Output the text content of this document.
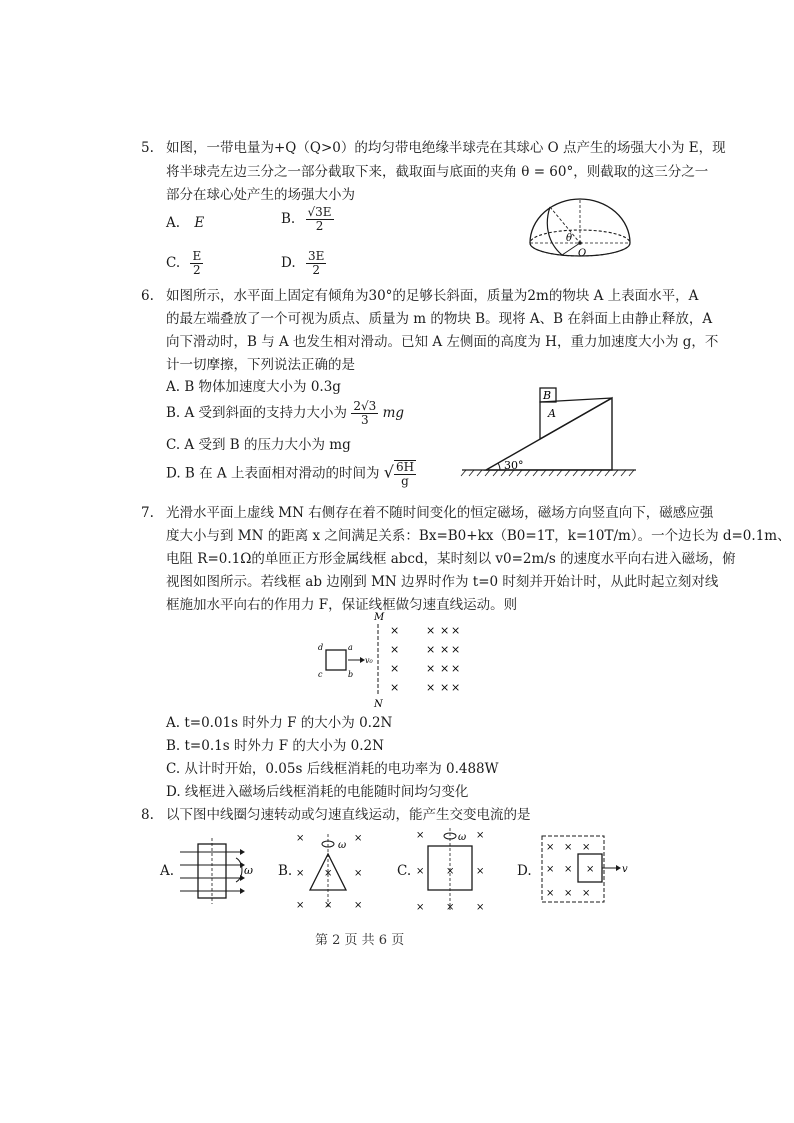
5. 如图，一带电量为+Q（Q>0）的均匀带电绝缘半球壳在其球心 O 点产生的场强大小为 E，现
将半球壳左边三分之一部分截取下来，截取面与底面的夹角 θ = 60°，则截取的这三分之一
部分在球心处产生的场强大小为
A. E	B. $\frac{√3E}{2}$
C. $\frac{E}{2}$	D. $\frac{3E}{2}$
θ
O
6. 如图所示，水平面上固定有倾角为30°的足够长斜面，质量为2m的物块 A 上表面水平，A
的最左端叠放了一个可视为质点、质量为 m 的物块 B。现将 A、B 在斜面上由静止释放，A
向下滑动时，B 与 A 也发生相对滑动。已知 A 左侧面的高度为 H，重力加速度大小为 g，不
计一切摩擦，下列说法正确的是
A. B 物体加速度大小为 0.3g
B. A 受到斜面的支持力大小为 $\frac{2√3}{3}$ mg
C. A 受到 B 的压力大小为 mg
D. B 在 A 上表面相对滑动的时间为 √ $\frac{6H}{g}$
B
A
30°
7. 光滑水平面上虚线 MN 右侧存在着不随时间变化的恒定磁场，磁场方向竖直向下，磁感应强
度大小与到 MN 的距离 x 之间满足关系：Bx=B0+kx（B0=1T，k=10T/m）。一个边长为 d=0.1m、
电阻 R=0.1Ω的单匝正方形金属线框 abcd，某时刻以 v0=2m/s 的速度水平向右进入磁场，俯
视图如图所示。若线框 ab 边刚到 MN 边界时作为 t=0 时刻并开始计时，从此时起立刻对线
框施加水平向右的作用力 F，保证线框做匀速直线运动。则
M
N
d	a
c	b
v₀
× × × ×
× × × ×
× × × ×
× × × ×
A. t=0.01s 时外力 F 的大小为 0.2N
B. t=0.1s 时外力 F 的大小为 0.2N
C. 从计时开始，0.05s 后线框消耗的电功率为 0.488W
D. 线框进入磁场后线框消耗的电能随时间均匀变化
8. 以下图中线圈匀速转动或匀速直线运动，能产生交变电流的是
A.	ω B.
ω
×	×
× × ×
× × ×
C.
ω
×	×
× × ×
× × ×
D.	v
× × ×
× × ×
× × ×
第 2 页 共 6 页
